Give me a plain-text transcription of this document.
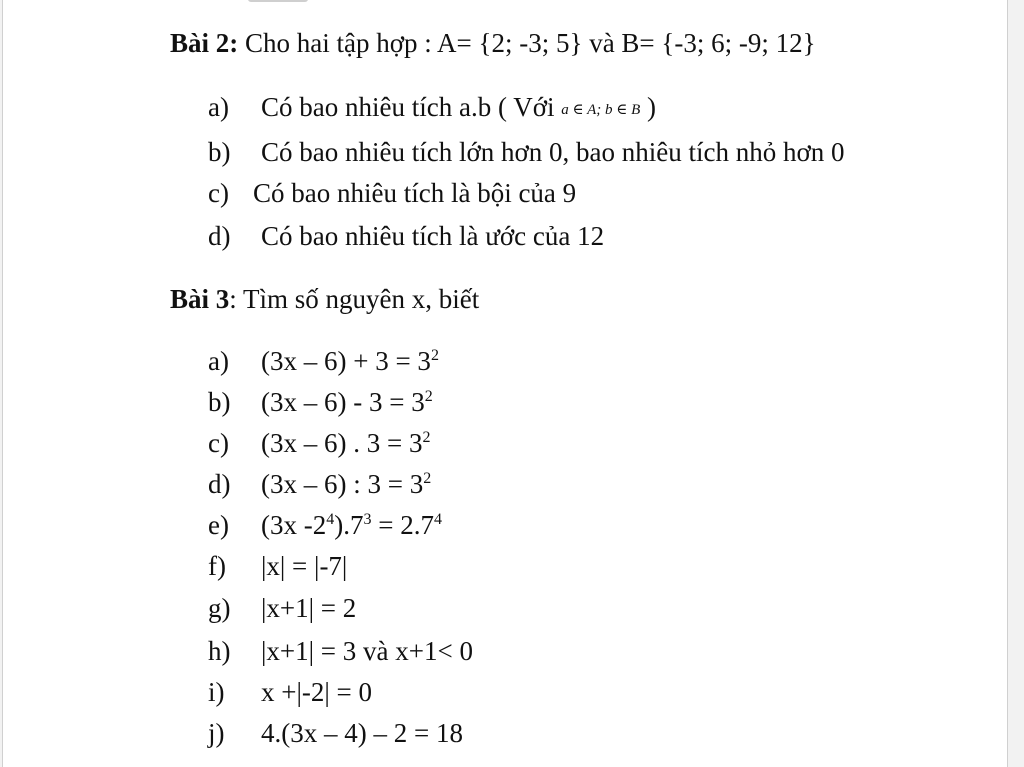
Bài 2: Cho hai tập hợp : A= {2; -3; 5} và B= {-3; 6; -9; 12}
a) Có bao nhiêu tích a.b ( Với a ∈ A; b ∈ B )
b) Có bao nhiêu tích lớn hơn 0, bao nhiêu tích nhỏ hơn 0
c) Có bao nhiêu tích là bội của 9
d) Có bao nhiêu tích là ước của 12
Bài 3: Tìm số nguyên x, biết
a) $(3x - 6) + 3 = 3^2$
b) $(3x - 6) - 3 = 3^2$
c) (3x – 6) . $3 = 3^2$
d) (3x – 6) : $3 = 3^2$
e) (3x $-2^4).7^3 = 2.7^4$
f) |x| = |-7|
g) |x+1| = 2
h) |x+1| = 3 và x+1< 0
i) x +|-2| = 0
j) 4.(3x – 4) – 2 = 18
